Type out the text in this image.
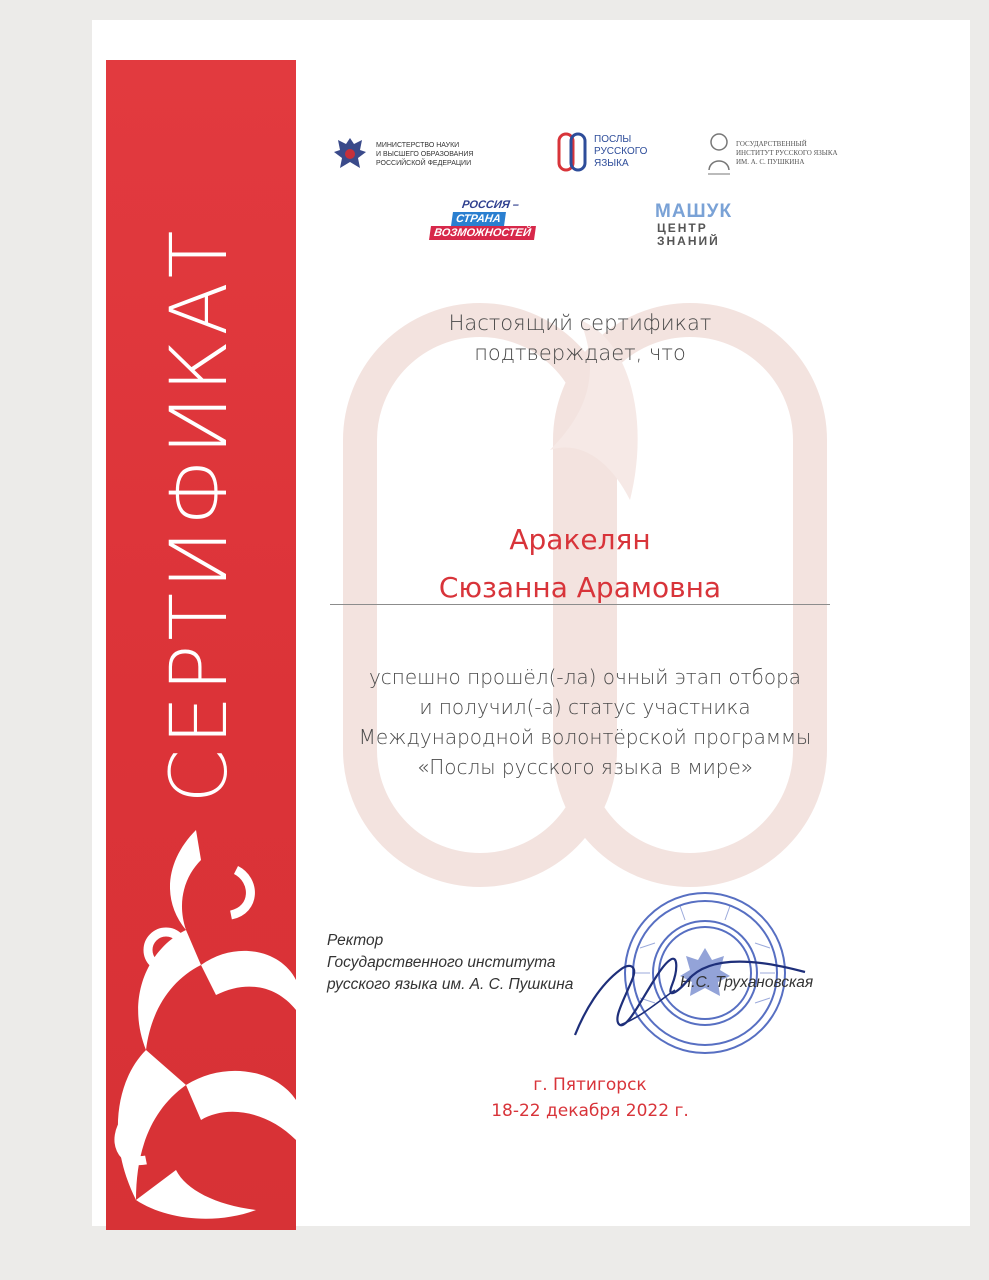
СЕРТИФИКАТ
МИНИСТЕРСТВО НАУКИ
И ВЫСШЕГО ОБРАЗОВАНИЯ
РОССИЙСКОЙ ФЕДЕРАЦИИ
ПОСЛЫ
РУССКОГО
ЯЗЫКА
ГОСУДАРСТВЕННЫЙ
ИНСТИТУТ РУССКОГО ЯЗЫКА
ИМ. А. С. ПУШКИНА
РОССИЯ –
СТРАНА
ВОЗМОЖНОСТЕЙ
МАШУК
ЦЕНТР
ЗНАНИЙ
Настоящий сертификат
подтверждает, что
Аракелян
Сюзанна Арамовна
успешно прошёл(-ла) очный этап отбора
и получил(-а) статус участника
Международной волонтёрской программы
«Послы русского языка в мире»
Ректор
Государственного института
русского языка им. А. С. Пушкина	Н.С. Трухановская
г. Пятигорск
18-22 декабря 2022 г.
